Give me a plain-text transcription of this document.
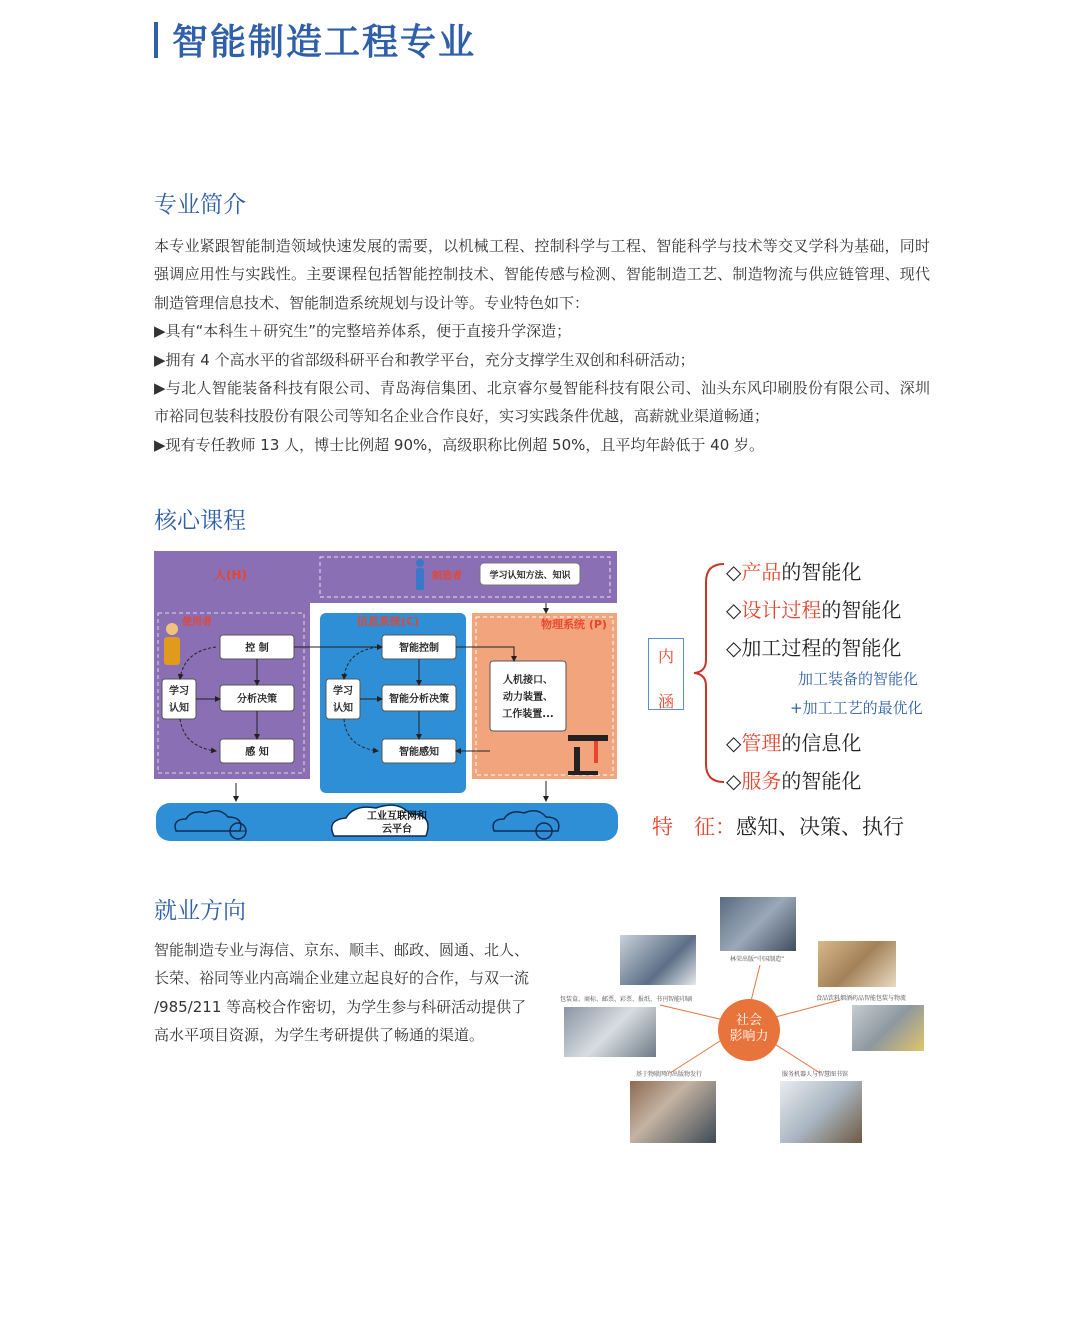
智能制造工程专业
专业简介

本专业紧跟智能制造领域快速发展的需要，以机械工程、控制科学与工程、智能科学与技术等交叉学科为基础，同时强调应用性与实践性。主要课程包括智能控制技术、智能传感与检测、智能制造工艺、制造物流与供应链管理、现代制造管理信息技术、智能制造系统规划与设计等。专业特色如下：

▶具有“本科生＋研究生”的完整培养体系，便于直接升学深造；

▶拥有 4 个高水平的省部级科研平台和教学平台，充分支撑学生双创和科研活动；

▶与北人智能装备科技有限公司、青岛海信集团、北京睿尔曼智能科技有限公司、汕头东风印刷股份有限公司、深圳市裕同包装科技股份有限公司等知名企业合作良好，实习实践条件优越，高薪就业渠道畅通；

▶现有专任教师 13 人，博士比例超 90%，高级职称比例超 50%，且平均年龄低于 40 岁。

核心课程
人(H)	制造者	学习认知方法、知识
使用者
控 制
分析决策
感 知
学习
认知
信息系统(C)
智能控制
智能分析决策
智能感知
学习
认知
物理系统 (P)
人机接口、
动力装置、
工作装置...
工业互联网和
云平台
内
涵
◇产品的智能化
◇设计过程的智能化
◇加工过程的智能化
加工装备的智能化
+加工工艺的最优化
◇管理的信息化
◇服务的智能化
特　征：感知、决策、执行
就业方向
智能制造专业与海信、京东、顺丰、邮政、圆通、北人、长荣、裕同等业内高端企业建立起良好的合作，与双一流 /985/211 等高校合作密切，为学生参与科研活动提供了高水平项目资源，为学生考研提供了畅通的渠道。
社会
影响力
林荣出版“中国制造”
包装盒、商标、邮票、彩票、报纸、书刊智能印刷	食品饮料烟酒药品智能包装与物流
基于物联网的出版物发行	服务机器人与智慧图书馆
